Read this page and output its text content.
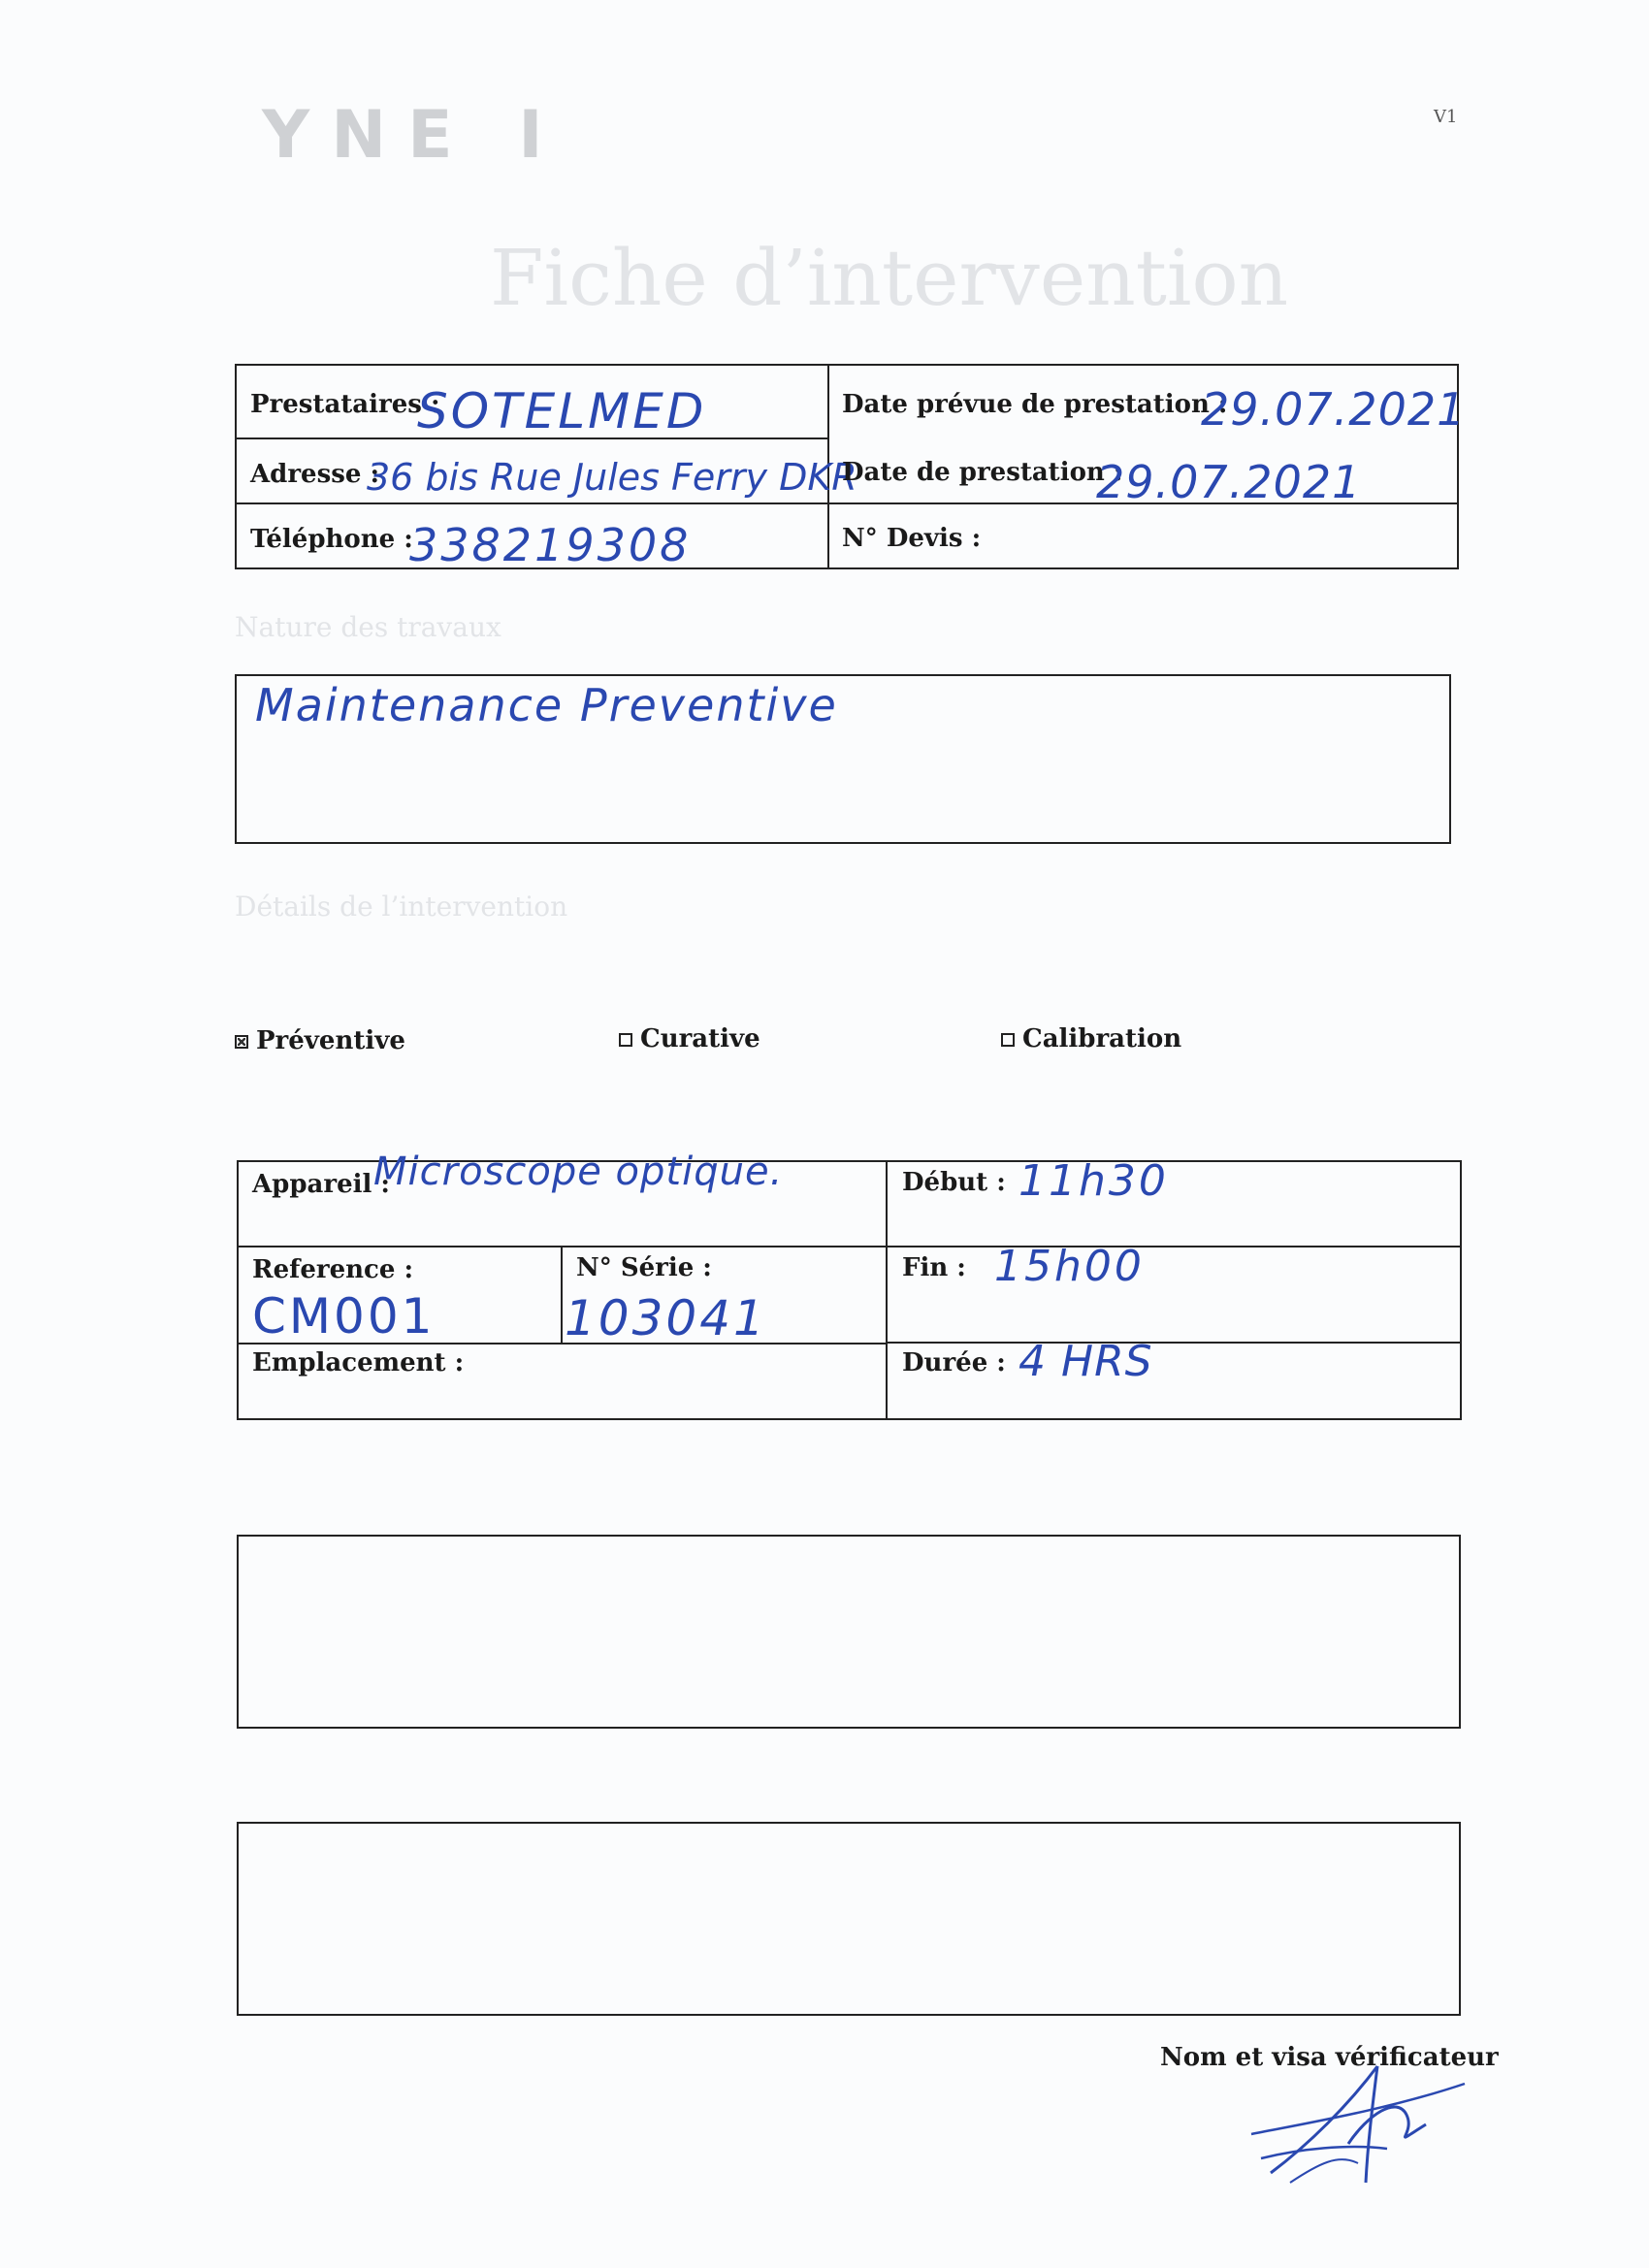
YNE I	V1
Fiche d’intervention
Prestataires :
SOTELMED
Adresse :
36 bis Rue Jules Ferry DKR
Téléphone :
338219308
Date prévue de prestation :
29.07.2021
Date de prestation :
29.07.2021
N° Devis :
Nature des travaux
Maintenance Preventive
Détails de l’intervention
Préventive	Curative	Calibration
Appareil :
Microscope optique.	Début : 11h30
Reference :
CM001
N° Série :
103041
Fin : 15h00
Emplacement :	Durée : 4 HRS
Nom et visa vérificateur
